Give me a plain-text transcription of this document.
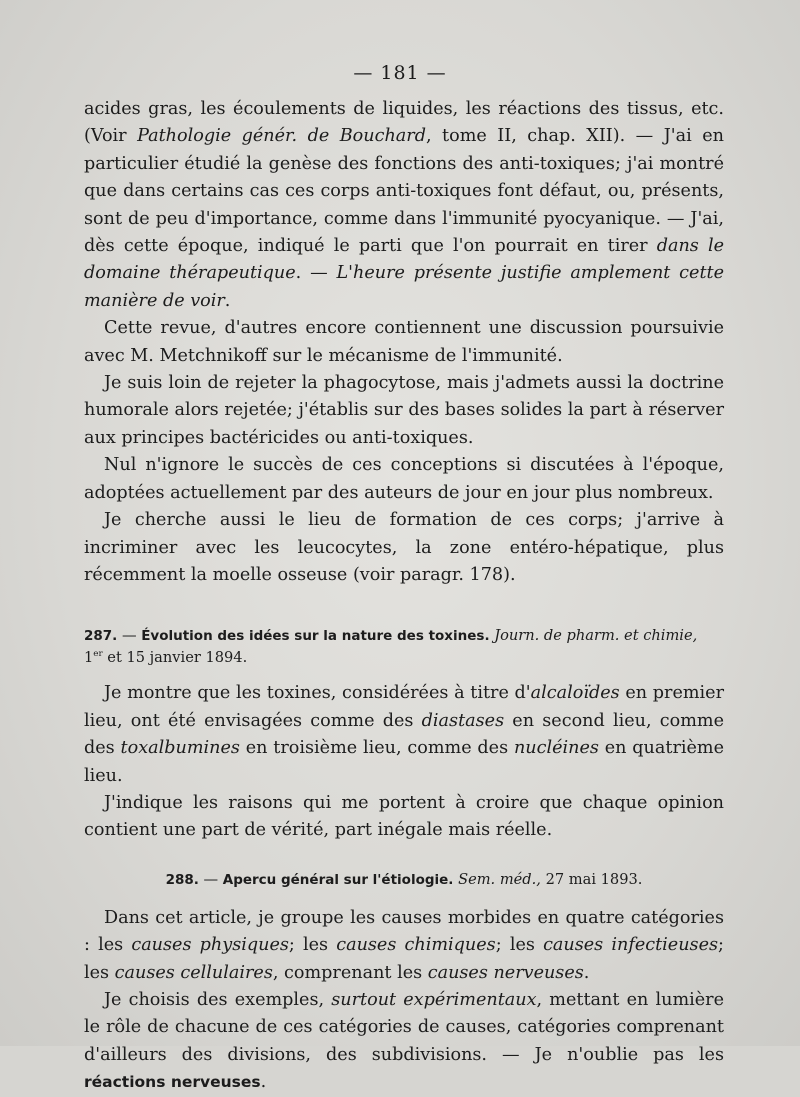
— 181 —

acides gras, les écoulements de liquides, les réactions des tissus, etc. (Voir Pathologie génér. de Bouchard, tome II, chap. XII). — J'ai en particulier étudié la genèse des fonctions des anti-toxiques; j'ai montré que dans certains cas ces corps anti-toxiques font défaut, ou, présents, sont de peu d'importance, comme dans l'immunité pyocyanique. — J'ai, dès cette époque, indiqué le parti que l'on pourrait en tirer dans le domaine thérapeutique. — L'heure présente justifie amplement cette manière de voir.

Cette revue, d'autres encore contiennent une discussion poursuivie avec M. Metchnikoff sur le mécanisme de l'immunité.

Je suis loin de rejeter la phagocytose, mais j'admets aussi la doctrine humorale alors rejetée; j'établis sur des bases solides la part à réserver aux principes bactéricides ou anti-toxiques.

Nul n'ignore le succès de ces conceptions si discutées à l'époque, adoptées actuellement par des auteurs de jour en jour plus nombreux.

Je cherche aussi le lieu de formation de ces corps; j'arrive à incriminer avec les leucocytes, la zone entéro-hépatique, plus récemment la moelle osseuse (voir paragr. 178).

287. — Évolution des idées sur la nature des toxines. Journ. de pharm. et chimie,
1er et 15 janvier 1894.

Je montre que les toxines, considérées à titre d'alcaloïdes en premier lieu, ont été envisagées comme des diastases en second lieu, comme des toxalbumines en troisième lieu, comme des nucléines en quatrième lieu.

J'indique les raisons qui me portent à croire que chaque opinion contient une part de vérité, part inégale mais réelle.

288. — Apercu général sur l'étiologie. Sem. méd., 27 mai 1893.

Dans cet article, je groupe les causes morbides en quatre catégories : les causes physiques; les causes chimiques; les causes infectieuses; les causes cellulaires, comprenant les causes nerveuses.

Je choisis des exemples, surtout expérimentaux, mettant en lumière le rôle de chacune de ces catégories de causes, catégories comprenant d'ailleurs des divisions, des subdivisions. — Je n'oublie pas les réactions nerveuses.
